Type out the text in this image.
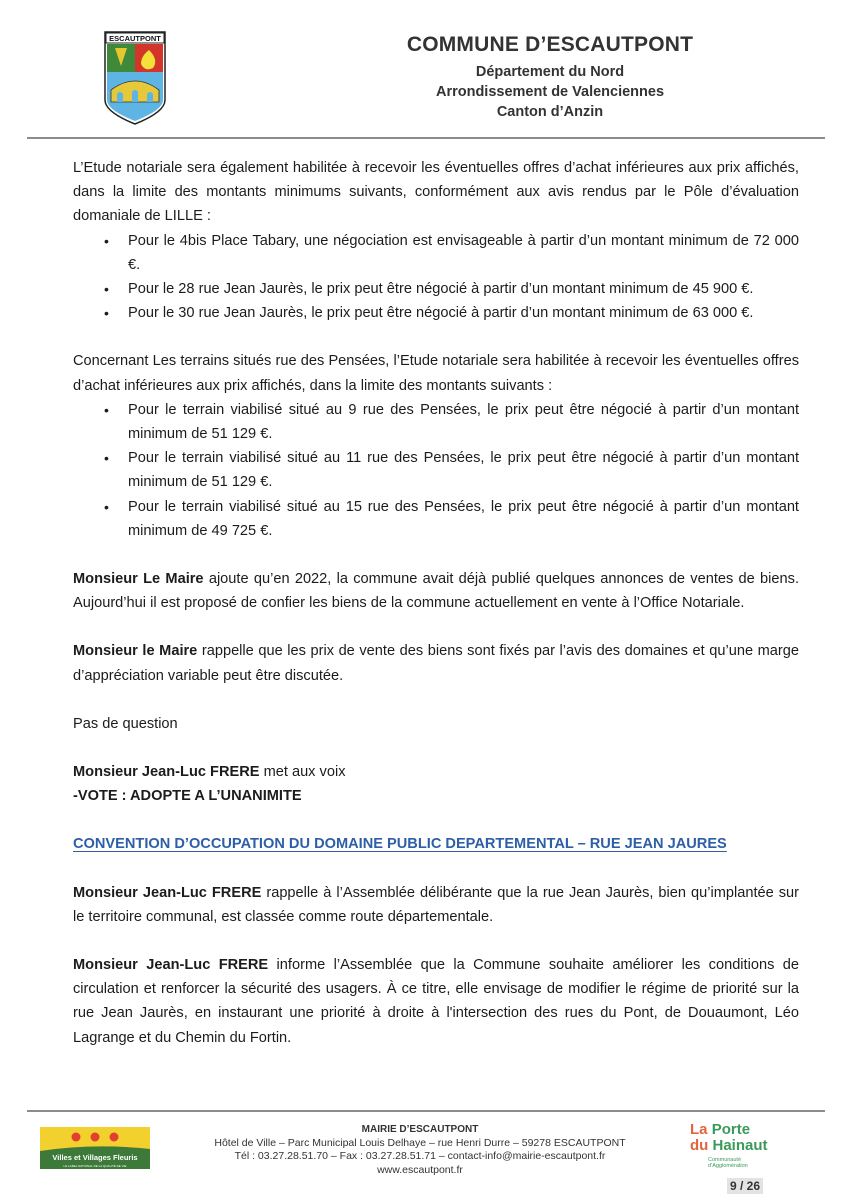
ESCAUTPONT	COMMUNE D’ESCAUTPONT
Département du Nord
Arrondissement de Valenciennes
Canton d’Anzin

L’Etude notariale sera également habilitée à recevoir les éventuelles offres d’achat inférieures aux prix affichés, dans la limite des montants minimums suivants, conformément aux avis rendus par le Pôle d’évaluation domaniale de LILLE :

• Pour le 4bis Place Tabary, une négociation est envisageable à partir d’un montant minimum de 72 000 €.
• Pour le 28 rue Jean Jaurès, le prix peut être négocié à partir d’un montant minimum de 45 900 €.
• Pour le 30 rue Jean Jaurès, le prix peut être négocié à partir d’un montant minimum de 63 000 €.

Concernant Les terrains situés rue des Pensées, l’Etude notariale sera habilitée à recevoir les éventuelles offres d’achat inférieures aux prix affichés, dans la limite des montants suivants :

• Pour le terrain viabilisé situé au 9 rue des Pensées, le prix peut être négocié à partir d’un montant minimum de 51 129 €.
• Pour le terrain viabilisé situé au 11 rue des Pensées, le prix peut être négocié à partir d’un montant minimum de 51 129 €.
• Pour le terrain viabilisé situé au 15 rue des Pensées, le prix peut être négocié à partir d’un montant minimum de 49 725 €.

Monsieur Le Maire ajoute qu’en 2022, la commune avait déjà publié quelques annonces de ventes de biens. Aujourd’hui il est proposé de confier les biens de la commune actuellement en vente à l’Office Notariale.

Monsieur le Maire rappelle que les prix de vente des biens sont fixés par l’avis des domaines et qu’une marge d’appréciation variable peut être discutée.

Pas de question

Monsieur Jean-Luc FRERE met aux voix

-VOTE : ADOPTE A L’UNANIMITE

CONVENTION D’OCCUPATION DU DOMAINE PUBLIC DEPARTEMENTAL – RUE JEAN JAURES

Monsieur Jean-Luc FRERE rappelle à l’Assemblée délibérante que la rue Jean Jaurès, bien qu’implantée sur le territoire communal, est classée comme route départementale.

Monsieur Jean-Luc FRERE informe l’Assemblée que la Commune souhaite améliorer les conditions de circulation et renforcer la sécurité des usagers. À ce titre, elle envisage de modifier le régime de priorité sur la rue Jean Jaurès, en instaurant une priorité à droite à l'intersection des rues du Pont, de Douaumont, Léo Lagrange et du Chemin du Fortin.

Villes et Villages Fleuris
LE LABEL NATIONAL DE LA QUALITÉ DE VIE
MAIRIE D’ESCAUTPONT
Hôtel de Ville – Parc Municipal Louis Delhaye – rue Henri Durre – 59278 ESCAUTPONT
Tél : 03.27.28.51.70 – Fax : 03.27.28.51.71 – contact-info@mairie-escautpont.fr
www.escautpont.fr
La Porte
du Hainaut
Communauté
d’Agglomération
9 / 26
